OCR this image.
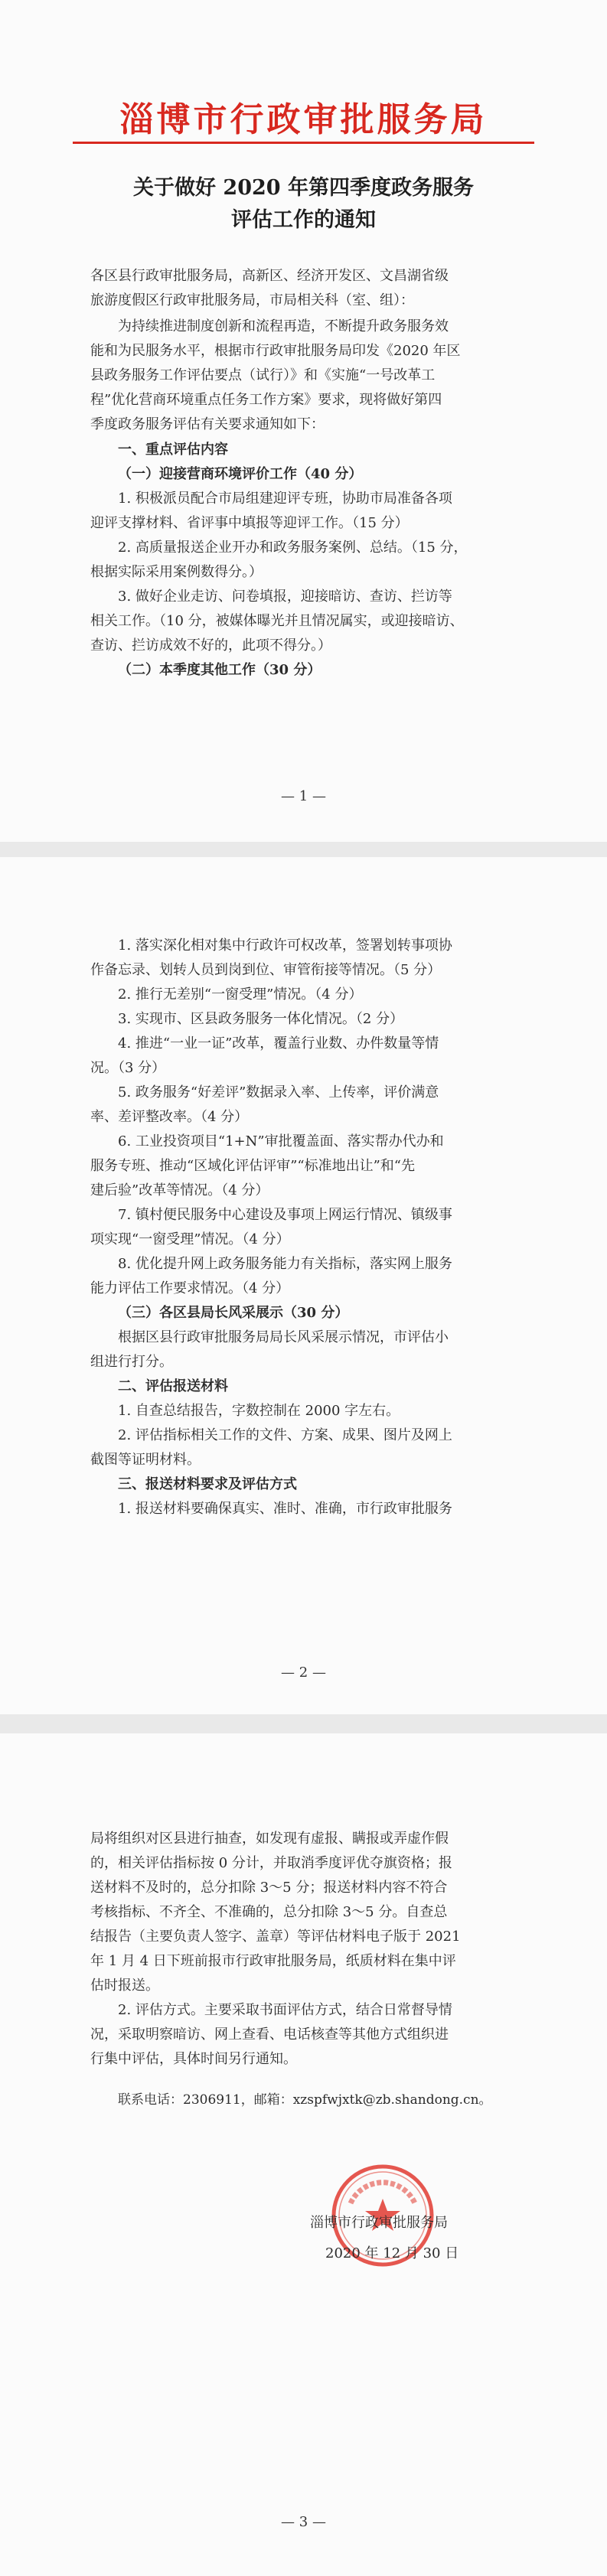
淄博市行政审批服务局
关于做好 2020 年第四季度政务服务
评估工作的通知

各区县行政审批服务局，高新区、经济开发区、文昌湖省级
旅游度假区行政审批服务局，市局相关科（室、组）：

为持续推进制度创新和流程再造，不断提升政务服务效
能和为民服务水平，根据市行政审批服务局印发《2020 年区
县政务服务工作评估要点（试行）》和《实施“一号改革工
程”优化营商环境重点任务工作方案》要求，现将做好第四
季度政务服务评估有关要求通知如下：

一、重点评估内容

（一）迎接营商环境评价工作（40 分）

1. 积极派员配合市局组建迎评专班，协助市局准备各项
迎评支撑材料、省评事中填报等迎评工作。（15 分）

2. 高质量报送企业开办和政务服务案例、总结。（15 分，
根据实际采用案例数得分。）

3. 做好企业走访、问卷填报，迎接暗访、查访、拦访等
相关工作。（10 分，被媒体曝光并且情况属实，或迎接暗访、
查访、拦访成效不好的，此项不得分。）

（二）本季度其他工作（30 分）

— 1 —

1. 落实深化相对集中行政许可权改革，签署划转事项协
作备忘录、划转人员到岗到位、审管衔接等情况。（5 分）

2. 推行无差别“一窗受理”情况。（4 分）

3. 实现市、区县政务服务一体化情况。（2 分）

4. 推进“一业一证”改革，覆盖行业数、办件数量等情
况。（3 分）

5. 政务服务“好差评”数据录入率、上传率，评价满意
率、差评整改率。（4 分）

6. 工业投资项目“1+N”审批覆盖面、落实帮办代办和
服务专班、推动“区域化评估评审”“标准地出让”和“先
建后验”改革等情况。（4 分）

7. 镇村便民服务中心建设及事项上网运行情况、镇级事
项实现“一窗受理”情况。（4 分）

8. 优化提升网上政务服务能力有关指标，落实网上服务
能力评估工作要求情况。（4 分）

（三）各区县局长风采展示（30 分）

根据区县行政审批服务局局长风采展示情况，市评估小
组进行打分。

二、评估报送材料

1. 自查总结报告，字数控制在 2000 字左右。

2. 评估指标相关工作的文件、方案、成果、图片及网上
截图等证明材料。

三、报送材料要求及评估方式

1. 报送材料要确保真实、准时、准确，市行政审批服务

— 2 —

局将组织对区县进行抽查，如发现有虚报、瞒报或弄虚作假
的，相关评估指标按 0 分计，并取消季度评优夺旗资格；报
送材料不及时的，总分扣除 3～5 分；报送材料内容不符合
考核指标、不齐全、不准确的，总分扣除 3～5 分。自查总
结报告（主要负责人签字、盖章）等评估材料电子版于 2021
年 1 月 4 日下班前报市行政审批服务局，纸质材料在集中评
估时报送。

2. 评估方式。主要采取书面评估方式，结合日常督导情
况，采取明察暗访、网上查看、电话核查等其他方式组织进
行集中评估，具体时间另行通知。

联系电话：2306911，邮箱：xzspfwjxtk@zb.shandong.cn。

— 3 —
淄博市行政审批服务局
2020 年 12 月 30 日
